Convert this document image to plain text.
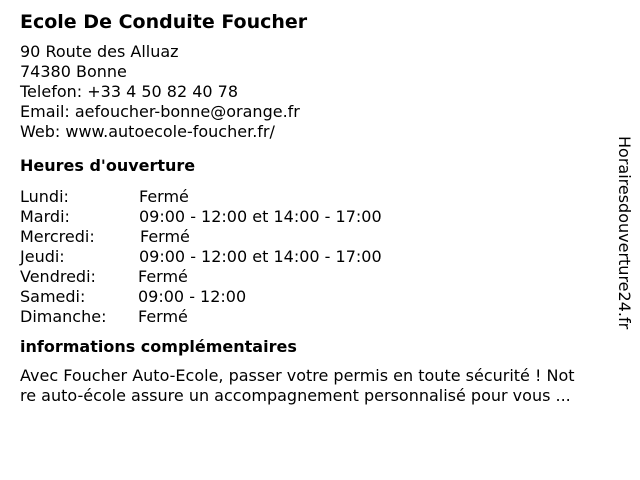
Ecole De Conduite Foucher
90 Route des Alluaz
74380 Bonne
Telefon: +33 4 50 82 40 78
Email: aefoucher-bonne@orange.fr
Web: www.autoecole-foucher.fr/
Heures d'ouverture
Lundi:	Fermé
Mardi:	09:00 - 12:00 et 14:00 - 17:00
Mercredi:	Fermé
Jeudi:	09:00 - 12:00 et 14:00 - 17:00
Vendredi:	Fermé
Samedi:	09:00 - 12:00
Dimanche: Fermé
informations complémentaires
Avec Foucher Auto-Ecole, passer votre permis en toute sécurité ! Not
re auto-école assure un accompagnement personnalisé pour vous ...
Horairesdouverture24.fr
